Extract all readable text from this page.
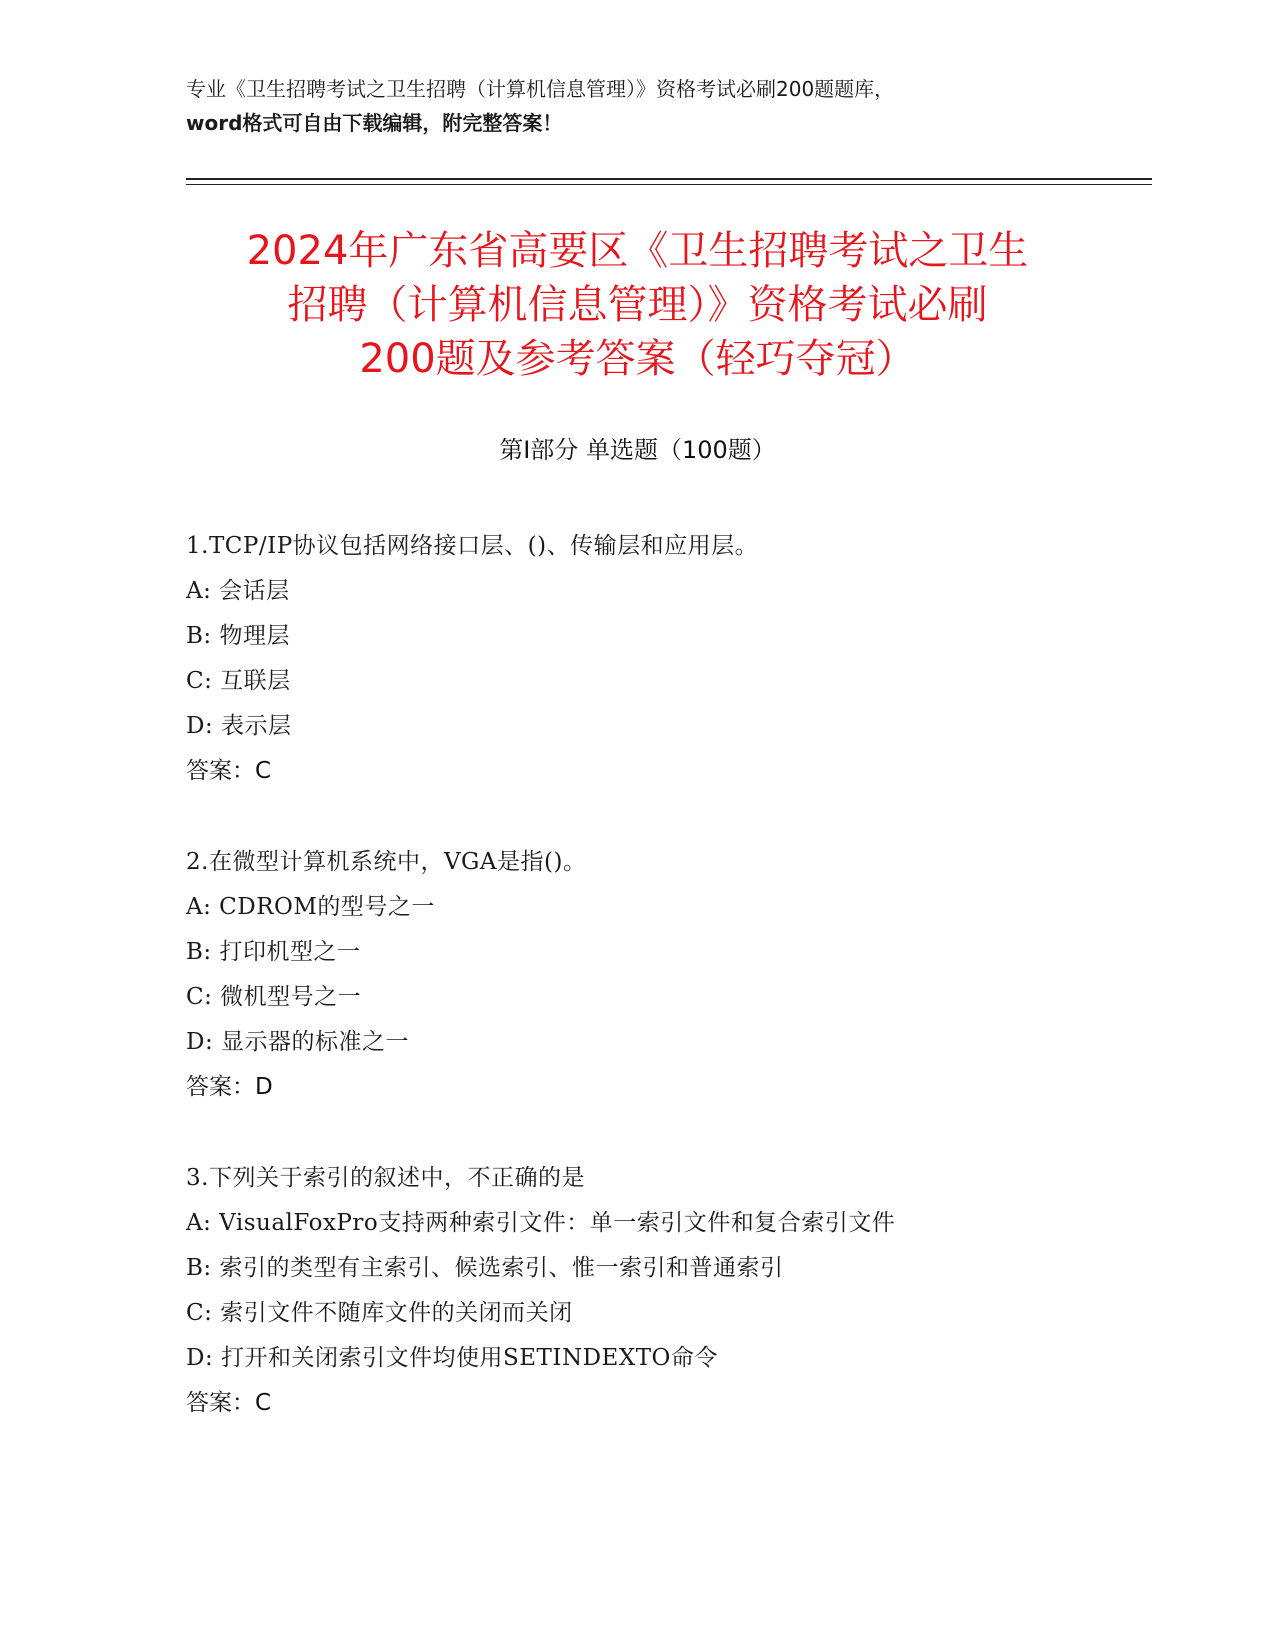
专业《卫生招聘考试之卫生招聘（计算机信息管理）》资格考试必刷200题题库，
word格式可自由下载编辑，附完整答案！
2024年广东省高要区《卫生招聘考试之卫生
招聘（计算机信息管理）》资格考试必刷
200题及参考答案（轻巧夺冠）
第Ⅰ部分 单选题（100题）
1.TCP/IP协议包括网络接口层、()、传输层和应用层。
A: 会话层
B: 物理层
C: 互联层
D: 表示层
答案：C
2.在微型计算机系统中，VGA是指()。
A: CDROM的型号之一
B: 打印机型之一
C: 微机型号之一
D: 显示器的标准之一
答案：D
3.下列关于索引的叙述中，不正确的是
A: VisualFoxPro支持两种索引文件：单一索引文件和复合索引文件
B: 索引的类型有主索引、候选索引、惟一索引和普通索引
C: 索引文件不随库文件的关闭而关闭
D: 打开和关闭索引文件均使用SETINDEXTO命令
答案：C
